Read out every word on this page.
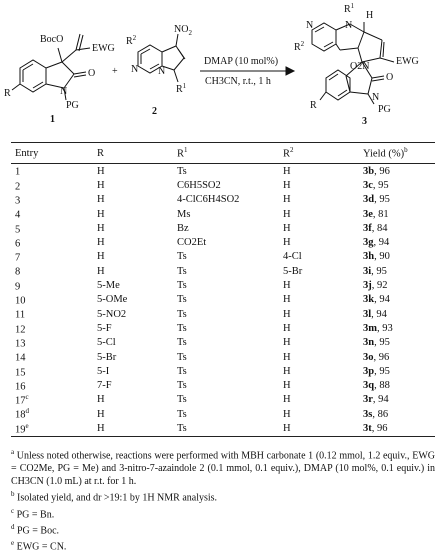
BocO
EWG
O
N
PG
R
1
+
$R^2$
$NO_2$
N N
$R^1$
2
DMAP (10 mol%)
CH3CN, r.t., 1 h
$R^1$
H
$R^2$
N	N
O2N	EWG
O
N
PG
R
3
Entry	R	$R^1$	$R^2$	Yield (%)$^b$
1	H	Ts	H	3b, 96
2	H	C6H5SO2	H	3c, 95
3	H	4-ClC6H4SO2	H	3d, 95
4	H	Ms	H	3e, 81
5	H	Bz	H	3f, 84
6	H	CO2Et	H	3g, 94
7	H	Ts	4-Cl	3h, 90
8	H	Ts	5-Br	3i, 95
9	5-Me	Ts	H	3j, 92
10	5-OMe	Ts	H	3k, 94
11	5-NO2	Ts	H	3l, 94
12	5-F	Ts	H	3m, 93
13	5-Cl	Ts	H	3n, 95
14	5-Br	Ts	H	3o, 96
15	5-I	Ts	H	3p, 95
16	7-F	Ts	H	3q, 88
17$^c$	H	Ts	H	3r, 94
18$^d$	H	Ts	H	3s, 86
19e	H	Ts	H	3t, 96

$^a$ Unless noted otherwise, reactions were performed with MBH carbonate 1 (0.12 mmol, 1.2 equiv., EWG = CO2Me, PG = Me) and 3-nitro-7-azaindole 2 (0.1 mmol, 0.1 equiv.), DMAP (10 mol%, 0.1 equiv.) in CH3CN (1.0 mL) at r.t. for 1 h.

$^b$ Isolated yield, and dr >19:1 by 1H NMR analysis.

$^c$ PG = Bn.

$^d$ PG = Boc.

$^e$ EWG = CN.
